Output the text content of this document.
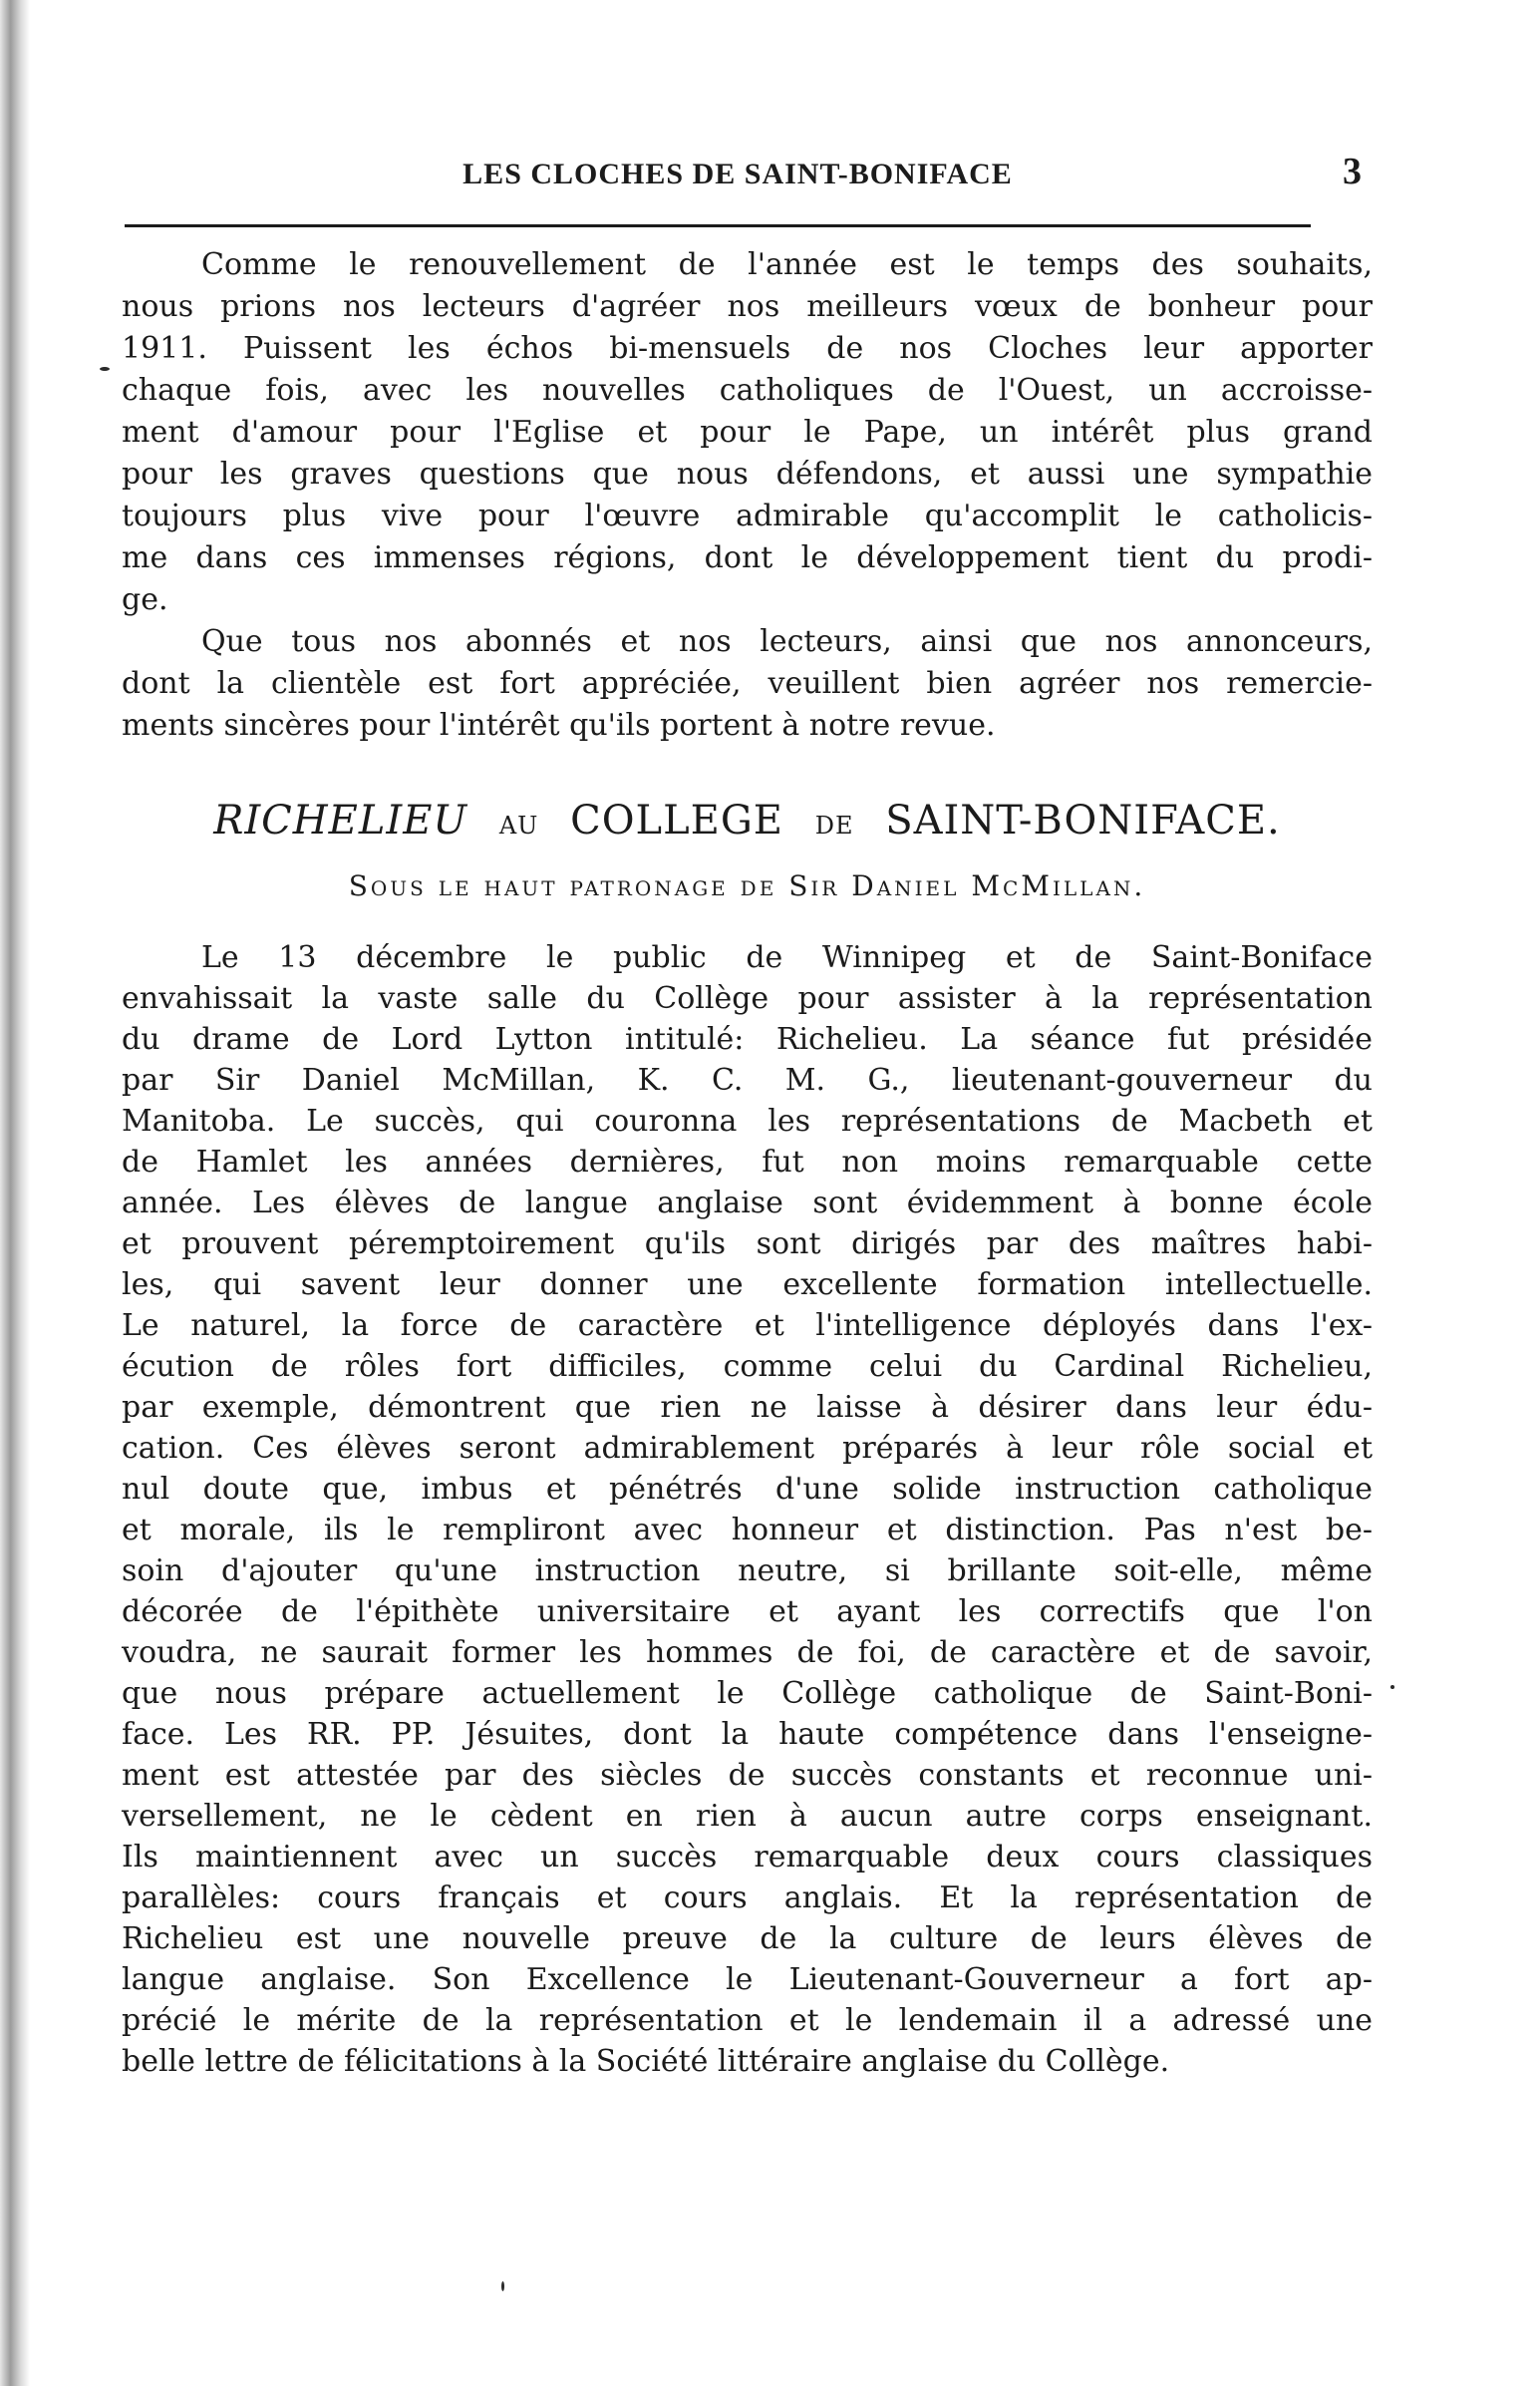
LES CLOCHES DE SAINT-BONIFACE	3
Comme le renouvellement de l'année est le temps des souhaits,
nous prions nos lecteurs d'agréer nos meilleurs vœux de bonheur pour
1911. Puissent les échos bi-mensuels de nos Cloches leur apporter
chaque fois, avec les nouvelles catholiques de l'Ouest, un accroisse-
ment d'amour pour l'Eglise et pour le Pape, un intérêt plus grand
pour les graves questions que nous défendons, et aussi une sympathie
toujours plus vive pour l'œuvre admirable qu'accomplit le catholicis-
me dans ces immenses régions, dont le développement tient du prodi-
ge.
Que tous nos abonnés et nos lecteurs, ainsi que nos annonceurs,
dont la clientèle est fort appréciée, veuillent bien agréer nos remercie-
ments sincères pour l'intérêt qu'ils portent à notre revue.
RICHELIEU AU COLLEGE DE SAINT-BONIFACE.
Sous le haut patronage de Sir Daniel McMillan.
Le 13 décembre le public de Winnipeg et de Saint-Boniface
envahissait la vaste salle du Collège pour assister à la représentation
du drame de Lord Lytton intitulé: Richelieu. La séance fut présidée
par Sir Daniel McMillan, K. C. M. G., lieutenant-gouverneur du
Manitoba. Le succès, qui couronna les représentations de Macbeth et
de Hamlet les années dernières, fut non moins remarquable cette
année. Les élèves de langue anglaise sont évidemment à bonne école
et prouvent péremptoirement qu'ils sont dirigés par des maîtres habi-
les, qui savent leur donner une excellente formation intellectuelle.
Le naturel, la force de caractère et l'intelligence déployés dans l'ex-
écution de rôles fort difficiles, comme celui du Cardinal Richelieu,
par exemple, démontrent que rien ne laisse à désirer dans leur édu-
cation. Ces élèves seront admirablement préparés à leur rôle social et
nul doute que, imbus et pénétrés d'une solide instruction catholique
et morale, ils le rempliront avec honneur et distinction. Pas n'est be-
soin d'ajouter qu'une instruction neutre, si brillante soit-elle, même
décorée de l'épithète universitaire et ayant les correctifs que l'on
voudra, ne saurait former les hommes de foi, de caractère et de savoir,
que nous prépare actuellement le Collège catholique de Saint-Boni-
face. Les RR. PP. Jésuites, dont la haute compétence dans l'enseigne-
ment est attestée par des siècles de succès constants et reconnue uni-
versellement, ne le cèdent en rien à aucun autre corps enseignant.
Ils maintiennent avec un succès remarquable deux cours classiques
parallèles: cours français et cours anglais. Et la représentation de
Richelieu est une nouvelle preuve de la culture de leurs élèves de
langue anglaise. Son Excellence le Lieutenant-Gouverneur a fort ap-
précié le mérite de la représentation et le lendemain il a adressé une
belle lettre de félicitations à la Société littéraire anglaise du Collège.
